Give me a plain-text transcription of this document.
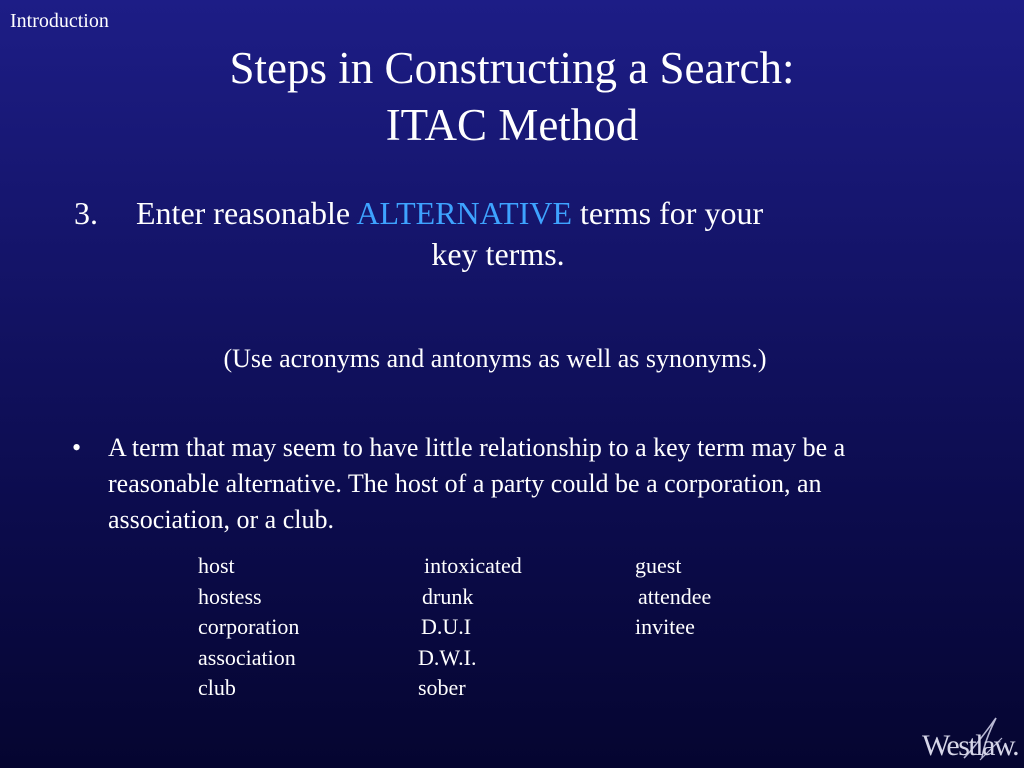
Introduction
Steps in Constructing a Search:
ITAC Method
3. Enter reasonable ALTERNATIVE terms for your
key terms.
(Use acronyms and antonyms as well as synonyms.)
•	A term that may seem to have little relationship to a key term may be a reasonable alternative. The host of a party could be a corporation, an association, or a club.
host
hostess
corporation
association
club
intoxicated
drunk
D.U.I
D.W.I.
sober
guest
attendee
invitee
Westlaw.
